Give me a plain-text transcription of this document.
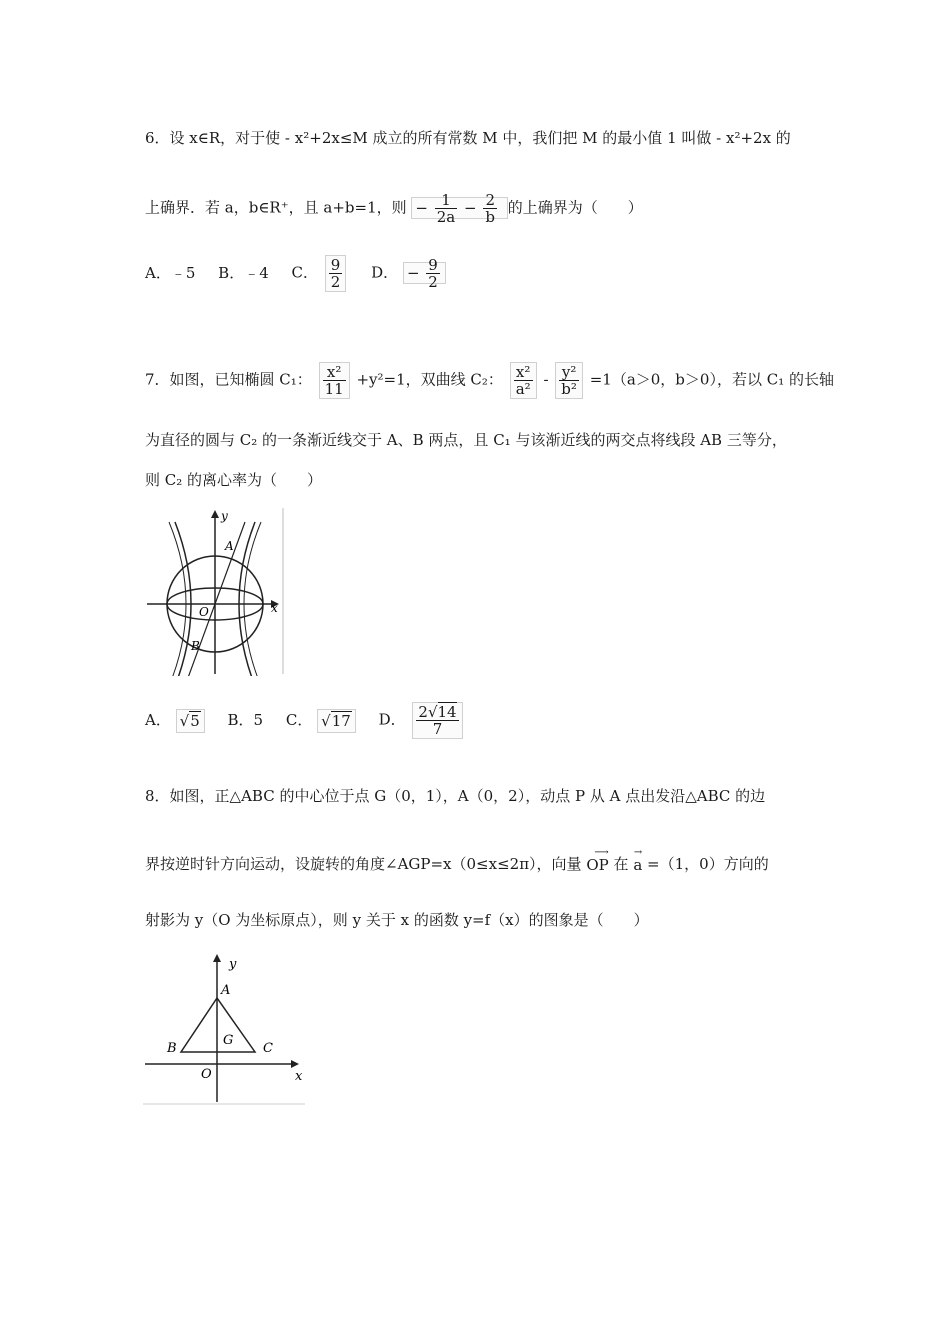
6．设 x∈R，对于使 - x²+2x≤M 成立的所有常数 M 中，我们把 M 的最小值 1 叫做 - x²+2x 的
上确界．若 a，b∈R⁺，且 a+b=1，则 − $\frac{1}{2a} - \frac{2}{b}$ 的上确界为（　　）
A．﹣5 B．﹣4 C． $\frac{9}{2}$ D． − $\frac{9}{2}$
7．如图，已知椭圆 C₁： $\frac{\text{x²}}{11} +y^2=1$，双曲线 C₂： $\frac{\text{x²}}{\text{a²}} - \frac{\text{y²}}{\text{b²}} =1(a>0$，b＞0），若以 C₁ 的长轴
为直径的圆与 C₂ 的一条渐近线交于 A、B 两点，且 C₁ 与该渐近线的两交点将线段 AB 三等分，
则 C₂ 的离心率为（　　）
y
x
A
B
O
A． √5 B．5 C． √17 D． $\frac{2√14}{7}$
8．如图，正△ABC 的中心位于点 G（0，1），A（0，2），动点 P 从 A 点出发沿△ABC 的边
界按逆时针方向运动，设旋转的角度∠AGP=x（0≤x≤2π），向量
⟶
OP 在
→
a =（1，0）方向的
射影为 y（O 为坐标原点），则 y 关于 x 的函数 y=f（x）的图象是（　　）
y
x
A
B	C
G
O
